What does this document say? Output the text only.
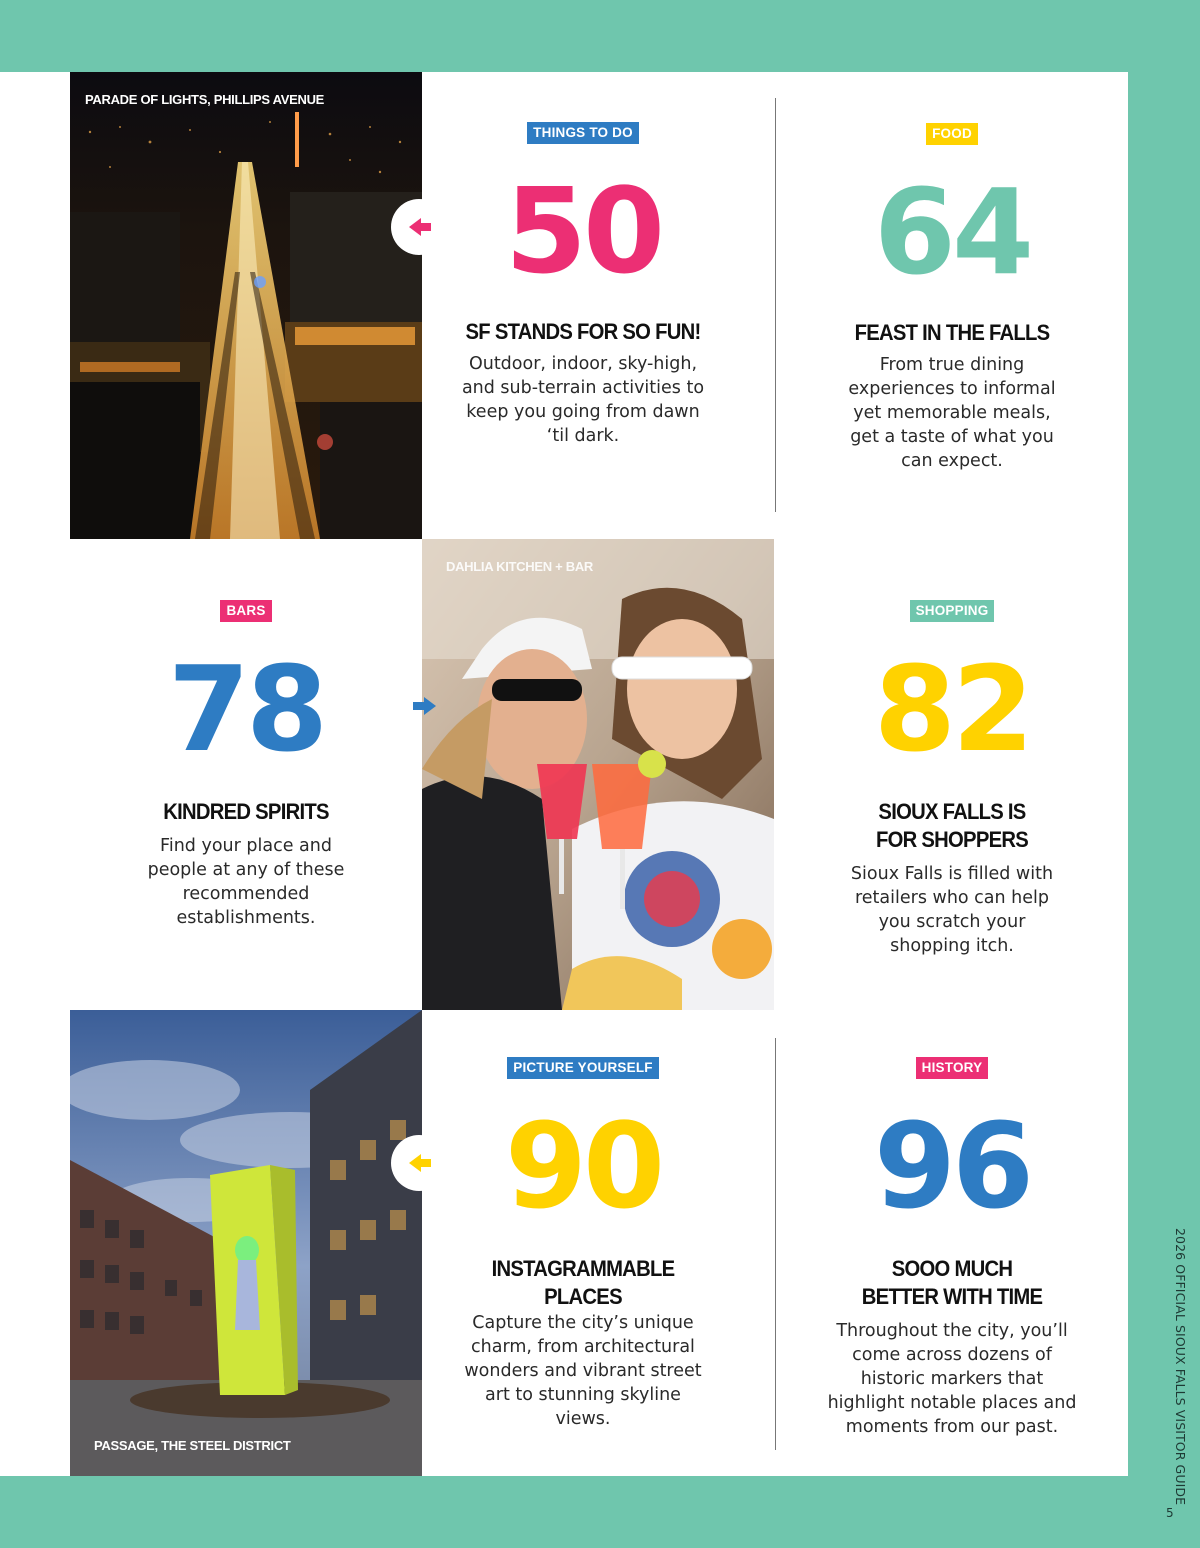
PARADE OF LIGHTS, PHILLIPS AVENUE
DAHLIA KITCHEN + BAR
PASSAGE, THE STEEL DISTRICT
THINGS TO DO
50
SF STANDS FOR SO FUN!
Outdoor, indoor, sky-high, and sub-terrain activities to keep you going from dawn ‘til dark.
FOOD
64
FEAST IN THE FALLS
From true dining experiences to informal yet memorable meals, get a taste of what you can expect.
BARS
78
KINDRED SPIRITS
Find your place and people at any of these recommended establishments.
SHOPPING
82
SIOUX FALLS IS FOR SHOPPERS
Sioux Falls is filled with retailers who can help you scratch your shopping itch.
PICTURE YOURSELF
90
INSTAGRAMMABLE PLACES
Capture the city’s unique charm, from architectural wonders and vibrant street art to stunning skyline views.
HISTORY
96
SOOO MUCH BETTER WITH TIME
Throughout the city, you’ll come across dozens of historic markers that highlight notable places and moments from our past.	2026 OFFICIAL SIOUX FALLS VISITOR GUIDE
5
